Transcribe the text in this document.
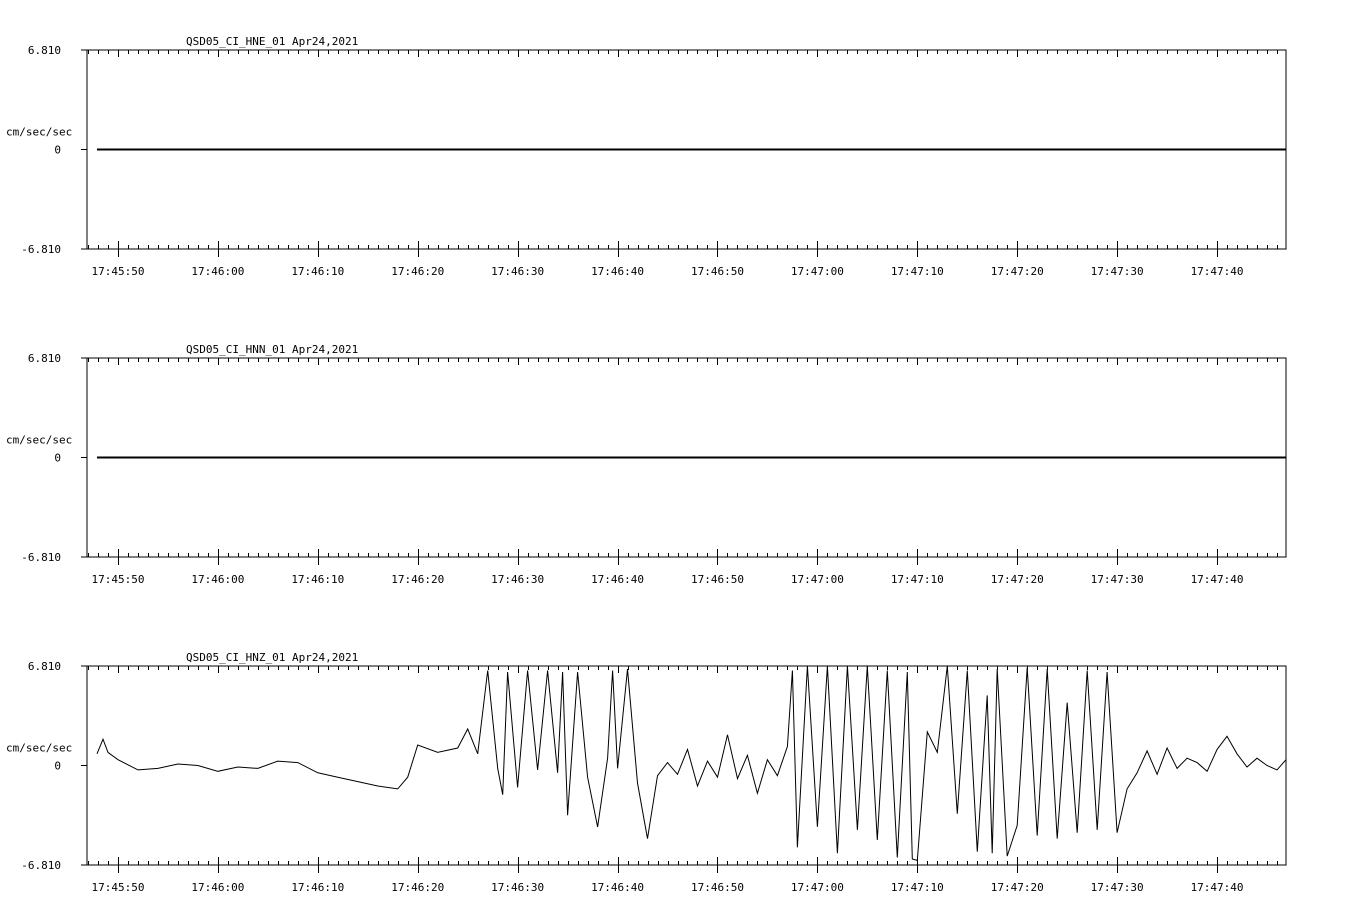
QSD05_CI_HNE_01 Apr24,2021
cm/sec/sec
6.810
0
-6.810
17:45:50	17:46:00	17:46:10	17:46:20	17:46:30	17:46:40	17:46:50	17:47:00	17:47:10	17:47:20	17:47:30	17:47:40
QSD05_CI_HNN_01 Apr24,2021
cm/sec/sec
6.810
0
-6.810
17:45:50	17:46:00	17:46:10	17:46:20	17:46:30	17:46:40	17:46:50	17:47:00	17:47:10	17:47:20	17:47:30	17:47:40
QSD05_CI_HNZ_01 Apr24,2021
cm/sec/sec
6.810
0
-6.810
17:45:50	17:46:00	17:46:10	17:46:20	17:46:30	17:46:40	17:46:50	17:47:00	17:47:10	17:47:20	17:47:30	17:47:40
